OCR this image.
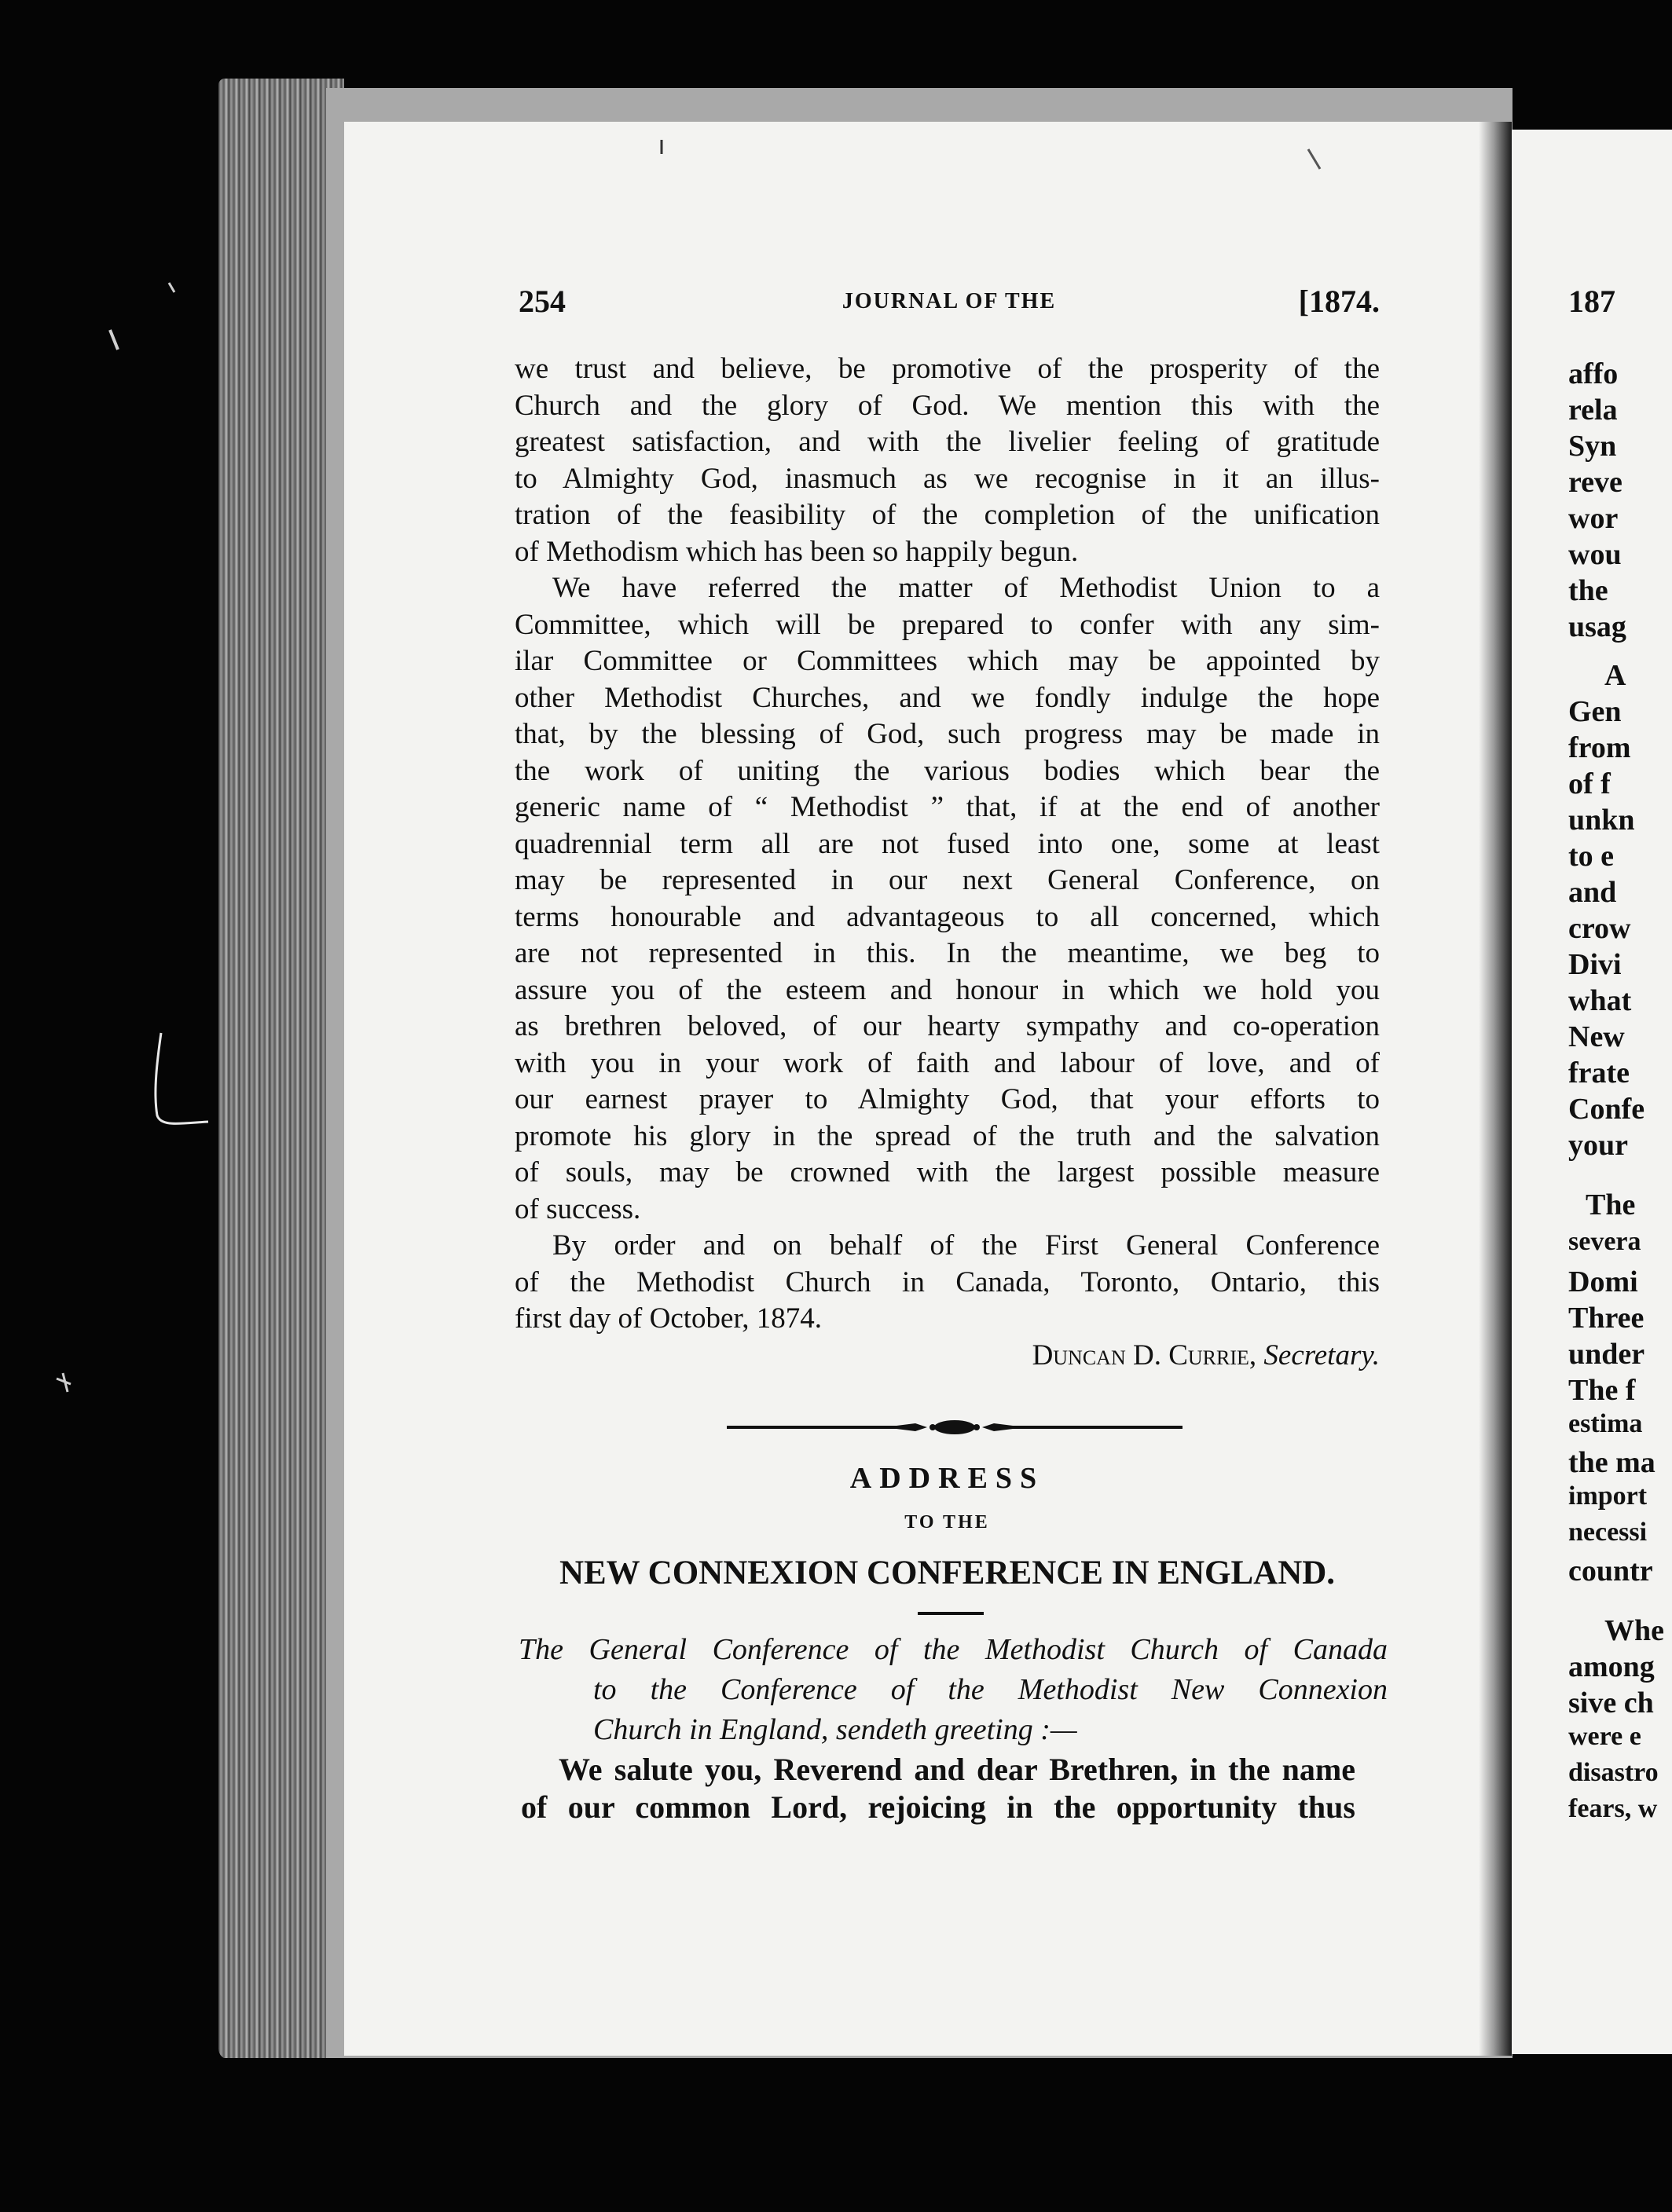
254	JOURNAL OF THE	[1874.
we trust and believe, be promotive of the prosperity of the
Church and the glory of God. We mention this with the
greatest satisfaction, and with the livelier feeling of gratitude
to Almighty God, inasmuch as we recognise in it an illus-
tration of the feasibility of the completion of the unification
of Methodism which has been so happily begun.
We have referred the matter of Methodist Union to a
Committee, which will be prepared to confer with any sim-
ilar Committee or Committees which may be appointed by
other Methodist Churches, and we fondly indulge the hope
that, by the blessing of God, such progress may be made in
the work of uniting the various bodies which bear the
generic name of “ Methodist ” that, if at the end of another
quadrennial term all are not fused into one, some at least
may be represented in our next General Conference, on
terms honourable and advantageous to all concerned, which
are not represented in this. In the meantime, we beg to
assure you of the esteem and honour in which we hold you
as brethren beloved, of our hearty sympathy and co-operation
with you in your work of faith and labour of love, and of
our earnest prayer to Almighty God, that your efforts to
promote his glory in the spread of the truth and the salvation
of souls, may be crowned with the largest possible measure
of success.
By order and on behalf of the First General Conference
of the Methodist Church in Canada, Toronto, Ontario, this
first day of October, 1874.
Duncan D. Currie, Secretary.
ADDRESS
TO THE
NEW CONNEXION CONFERENCE IN ENGLAND.
The General Conference of the Methodist Church of Canada
to the Conference of the Methodist New Connexion
Church in England, sendeth greeting :—
We salute you, Reverend and dear Brethren, in the name
of our common Lord, rejoicing in the opportunity thus
187
affo
rela
Syn
reve
wor
wou
the
usag
A
Gen
from
of f
unkn
to e
and
crow
Divi
what
New
frate
Confe
your
The
severa
Domi
Three
under
The f
estima
the ma
import
necessi
countr
Whe
among
sive ch
were e
disastro
fears, w
